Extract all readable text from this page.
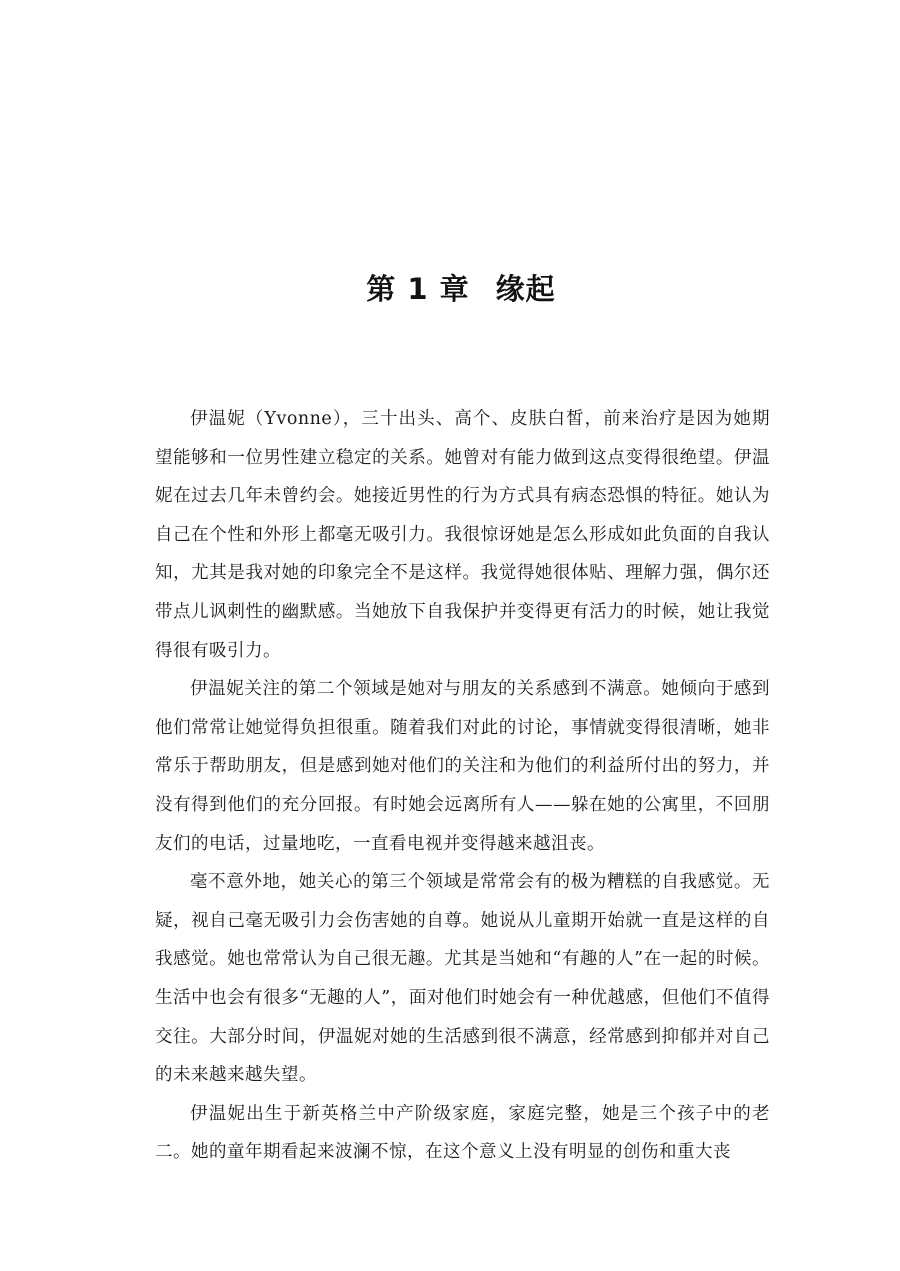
第 1 章 缘起

伊温妮（Yvonne），三十出头、高个、皮肤白皙，前来治疗是因为她期望能够和一位男性建立稳定的关系。她曾对有能力做到这点变得很绝望。伊温妮在过去几年未曾约会。她接近男性的行为方式具有病态恐惧的特征。她认为自己在个性和外形上都毫无吸引力。我很惊讶她是怎么形成如此负面的自我认知，尤其是我对她的印象完全不是这样。我觉得她很体贴、理解力强，偶尔还带点儿讽刺性的幽默感。当她放下自我保护并变得更有活力的时候，她让我觉得很有吸引力。

伊温妮关注的第二个领域是她对与朋友的关系感到不满意。她倾向于感到他们常常让她觉得负担很重。随着我们对此的讨论，事情就变得很清晰，她非常乐于帮助朋友，但是感到她对他们的关注和为他们的利益所付出的努力，并没有得到他们的充分回报。有时她会远离所有人——躲在她的公寓里，不回朋友们的电话，过量地吃，一直看电视并变得越来越沮丧。

毫不意外地，她关心的第三个领域是常常会有的极为糟糕的自我感觉。无疑，视自己毫无吸引力会伤害她的自尊。她说从儿童期开始就一直是这样的自我感觉。她也常常认为自己很无趣。尤其是当她和“有趣的人”在一起的时候。生活中也会有很多“无趣的人”，面对他们时她会有一种优越感，但他们不值得交往。大部分时间，伊温妮对她的生活感到很不满意，经常感到抑郁并对自己的未来越来越失望。

伊温妮出生于新英格兰中产阶级家庭，家庭完整，她是三个孩子中的老二。她的童年期看起来波澜不惊，在这个意义上没有明显的创伤和重大丧
